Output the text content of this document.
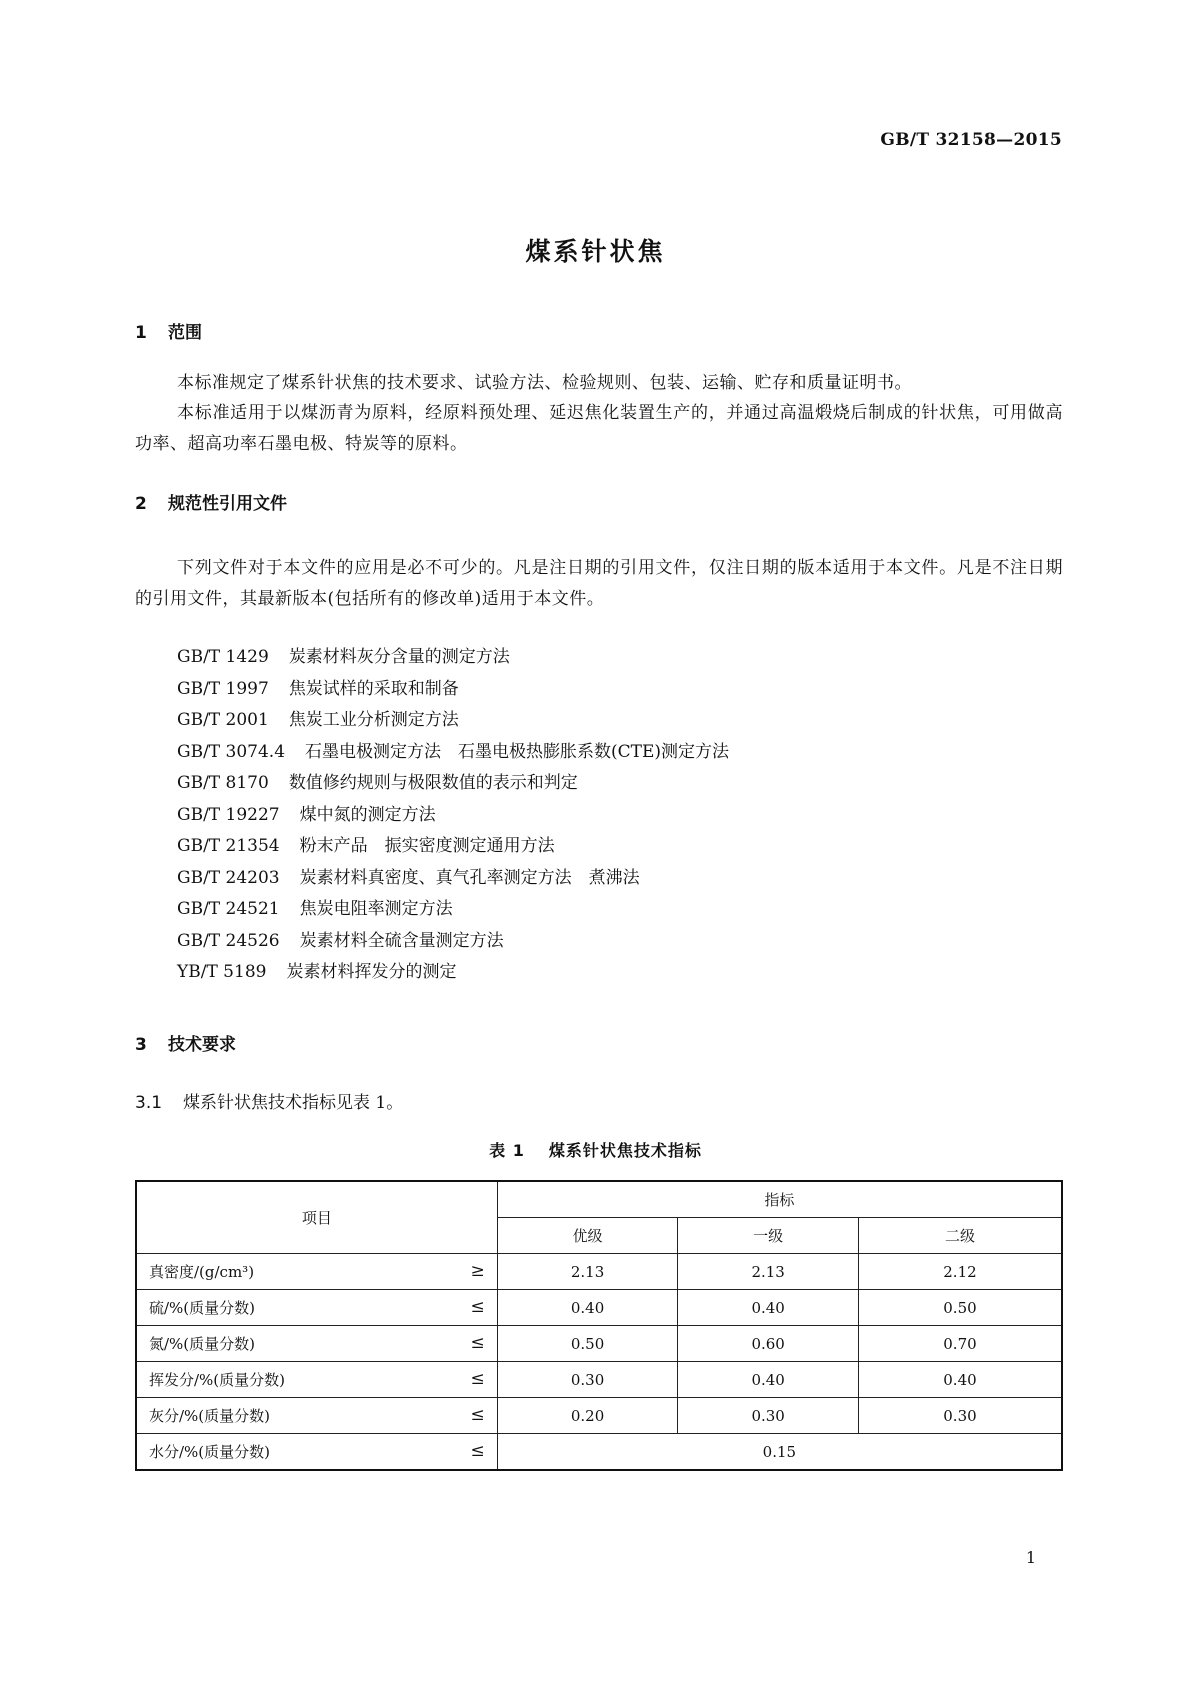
GB/T 32158—2015
煤系针状焦
1 范围
本标准规定了煤系针状焦的技术要求、试验方法、检验规则、包装、运输、贮存和质量证明书。
本标准适用于以煤沥青为原料，经原料预处理、延迟焦化装置生产的，并通过高温煅烧后制成的针状焦，可用做高功率、超高功率石墨电极、特炭等的原料。
2 规范性引用文件
下列文件对于本文件的应用是必不可少的。凡是注日期的引用文件，仅注日期的版本适用于本文件。凡是不注日期的引用文件，其最新版本(包括所有的修改单)适用于本文件。
GB/T 1429 炭素材料灰分含量的测定方法
GB/T 1997 焦炭试样的采取和制备
GB/T 2001 焦炭工业分析测定方法
GB/T 3074.4 石墨电极测定方法　石墨电极热膨胀系数(CTE)测定方法
GB/T 8170 数值修约规则与极限数值的表示和判定
GB/T 19227 煤中氮的测定方法
GB/T 21354 粉末产品　振实密度测定通用方法
GB/T 24203 炭素材料真密度、真气孔率测定方法　煮沸法
GB/T 24521 焦炭电阻率测定方法
GB/T 24526 炭素材料全硫含量测定方法
YB/T 5189 炭素材料挥发分的测定
3 技术要求
3.1 煤系针状焦技术指标见表 1。
表 1 煤系针状焦技术指标
项目	指标		
	优级	一级	二级
真密度/(g/cm³) ≥	2.13	2.13	2.12
硫/%(质量分数) ≤	0.40	0.40	0.50
氮/%(质量分数) ≤	0.50	0.60	0.70
挥发分/%(质量分数) ≤	0.30	0.40	0.40
灰分/%(质量分数) ≤	0.20	0.30	0.30
水分/%(质量分数) ≤	0.15		
1
